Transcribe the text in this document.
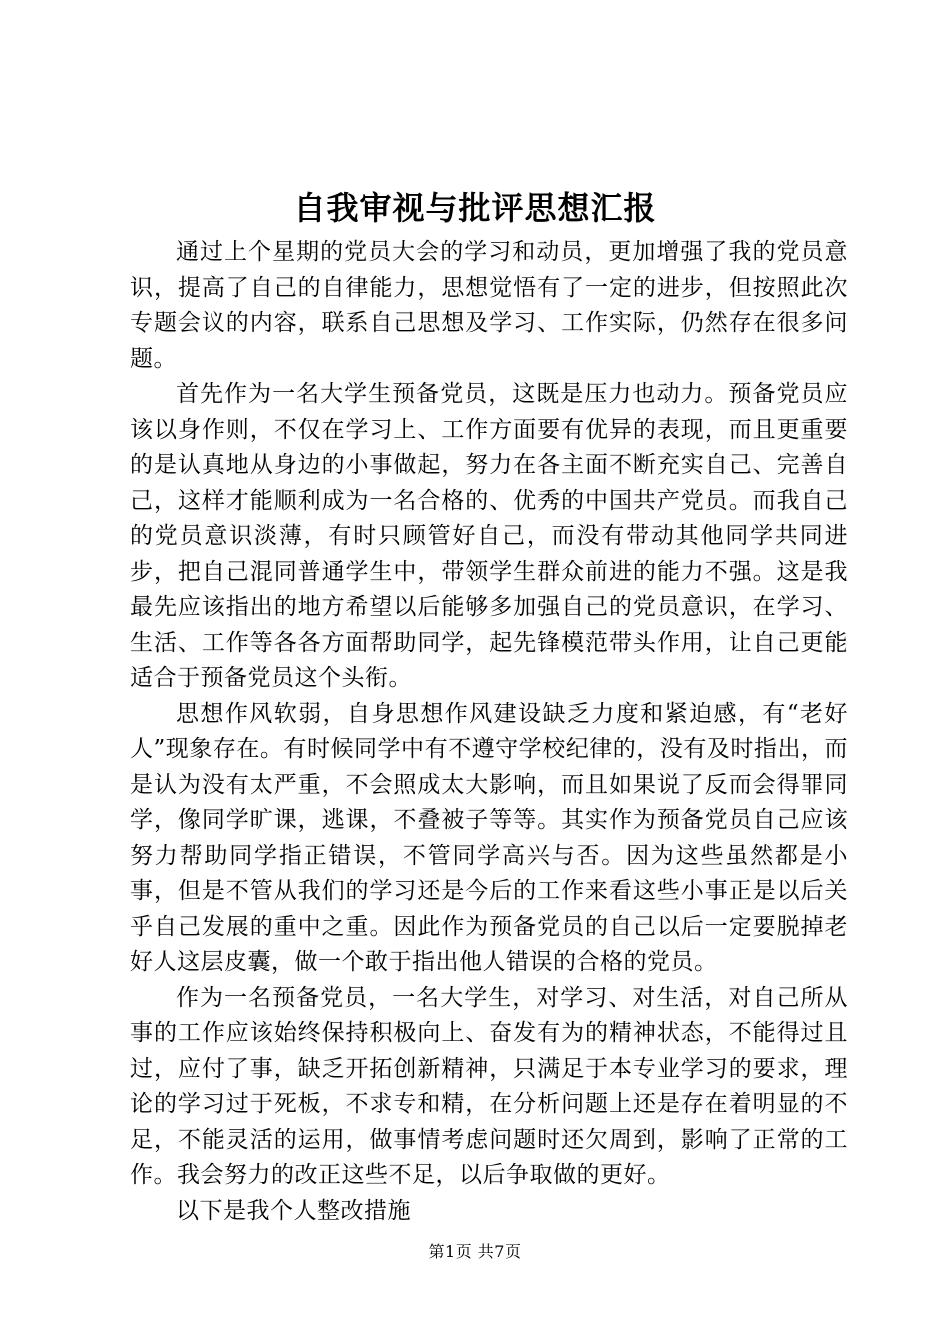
自我审视与批评思想汇报

通过上个星期的党员大会的学习和动员，更加增强了我的党员意识，提高了自己的自律能力，思想觉悟有了一定的进步，但按照此次专题会议的内容，联系自己思想及学习、工作实际，仍然存在很多问题。

首先作为一名大学生预备党员，这既是压力也动力。预备党员应该以身作则，不仅在学习上、工作方面要有优异的表现，而且更重要的是认真地从身边的小事做起，努力在各主面不断充实自己、完善自己，这样才能顺利成为一名合格的、优秀的中国共产党员。而我自己的党员意识淡薄，有时只顾管好自己，而没有带动其他同学共同进步，把自己混同普通学生中，带领学生群众前进的能力不强。这是我最先应该指出的地方希望以后能够多加强自己的党员意识，在学习、生活、工作等各各方面帮助同学，起先锋模范带头作用，让自己更能适合于预备党员这个头衔。

思想作风软弱，自身思想作风建设缺乏力度和紧迫感，有“老好人”现象存在。有时候同学中有不遵守学校纪律的，没有及时指出，而是认为没有太严重，不会照成太大影响，而且如果说了反而会得罪同学，像同学旷课，逃课，不叠被子等等。其实作为预备党员自己应该努力帮助同学指正错误，不管同学高兴与否。因为这些虽然都是小事，但是不管从我们的学习还是今后的工作来看这些小事正是以后关乎自己发展的重中之重。因此作为预备党员的自己以后一定要脱掉老好人这层皮囊，做一个敢于指出他人错误的合格的党员。

作为一名预备党员，一名大学生，对学习、对生活，对自己所从事的工作应该始终保持积极向上、奋发有为的精神状态，不能得过且过，应付了事，缺乏开拓创新精神，只满足于本专业学习的要求，理论的学习过于死板，不求专和精，在分析问题上还是存在着明显的不足，不能灵活的运用，做事情考虑问题时还欠周到，影响了正常的工作。我会努力的改正这些不足，以后争取做的更好。

以下是我个人整改措施

第1页 共7页
